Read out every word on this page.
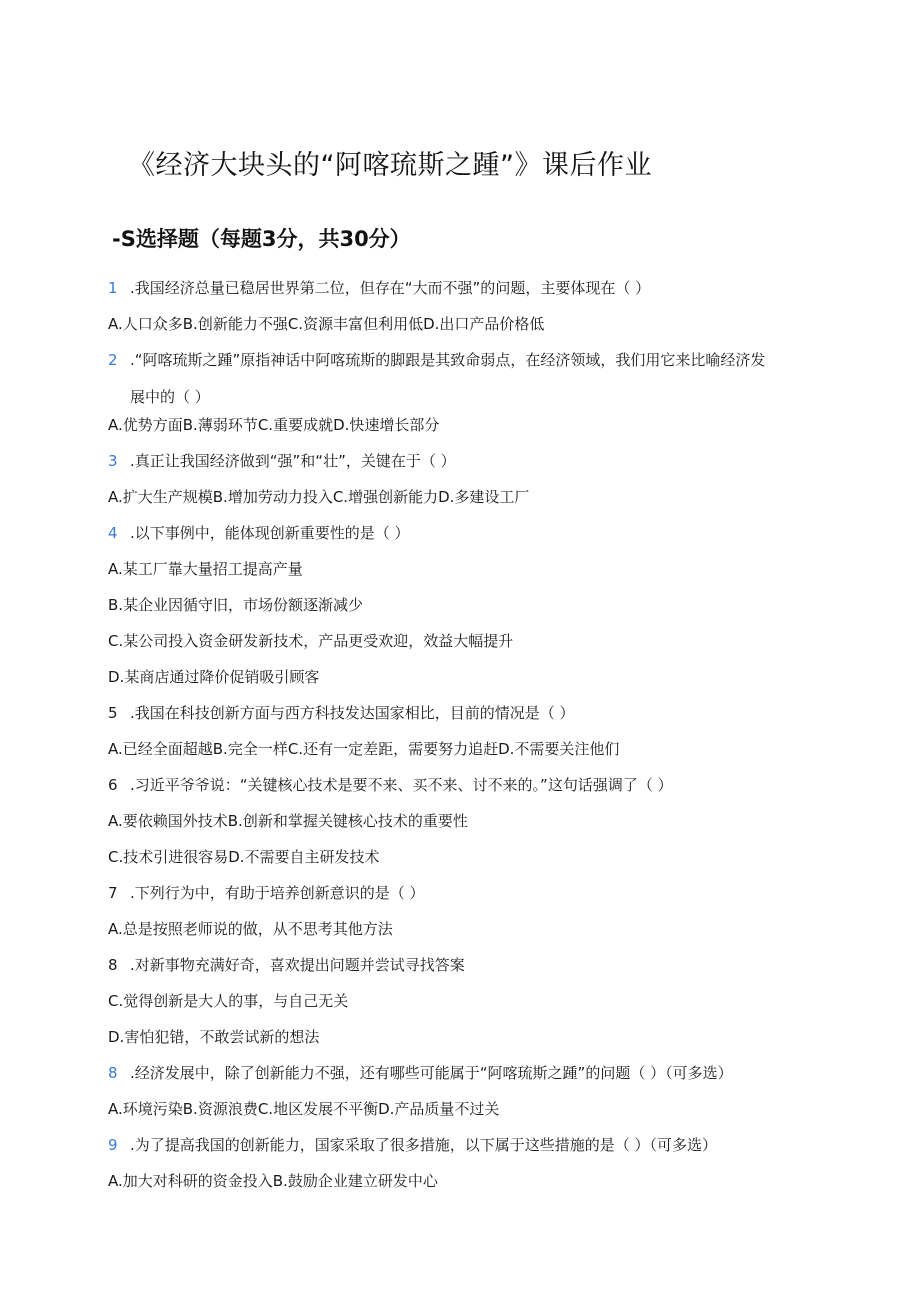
《经济大块头的“阿喀琉斯之踵”》课后作业
-S选择题（每题3分，共30分）
1 .我国经济总量已稳居世界第二位，但存在“大而不强”的问题，主要体现在（ ）
A.人口众多B.创新能力不强C.资源丰富但利用低D.出口产品价格低
2 .“阿喀琉斯之踵”原指神话中阿喀琉斯的脚跟是其致命弱点，在经济领域，我们用它来比喻经济发
展中的（ ）
A.优势方面B.薄弱环节C.重要成就D.快速增长部分
3 .真正让我国经济做到“强”和“壮”，关键在于（ ）
A.扩大生产规模B.增加劳动力投入C.增强创新能力D.多建设工厂
4 .以下事例中，能体现创新重要性的是（ ）
A.某工厂靠大量招工提高产量
B.某企业因循守旧，市场份额逐渐减少
C.某公司投入资金研发新技术，产品更受欢迎，效益大幅提升
D.某商店通过降价促销吸引顾客
5 .我国在科技创新方面与西方科技发达国家相比，目前的情况是（ ）
A.已经全面超越B.完全一样C.还有一定差距，需要努力追赶D.不需要关注他们
6 .习近平爷爷说：“关键核心技术是要不来、买不来、讨不来的。”这句话强调了（ ）
A.要依赖国外技术B.创新和掌握关键核心技术的重要性
C.技术引进很容易D.不需要自主研发技术
7 .下列行为中，有助于培养创新意识的是（ ）
A.总是按照老师说的做，从不思考其他方法
8 .对新事物充满好奇，喜欢提出问题并尝试寻找答案
C.觉得创新是大人的事，与自己无关
D.害怕犯错，不敢尝试新的想法
8 .经济发展中，除了创新能力不强，还有哪些可能属于“阿喀琉斯之踵”的问题（ ）（可多选）
A.环境污染B.资源浪费C.地区发展不平衡D.产品质量不过关
9 .为了提高我国的创新能力，国家采取了很多措施，以下属于这些措施的是（ ）（可多选）
A.加大对科研的资金投入B.鼓励企业建立研发中心
